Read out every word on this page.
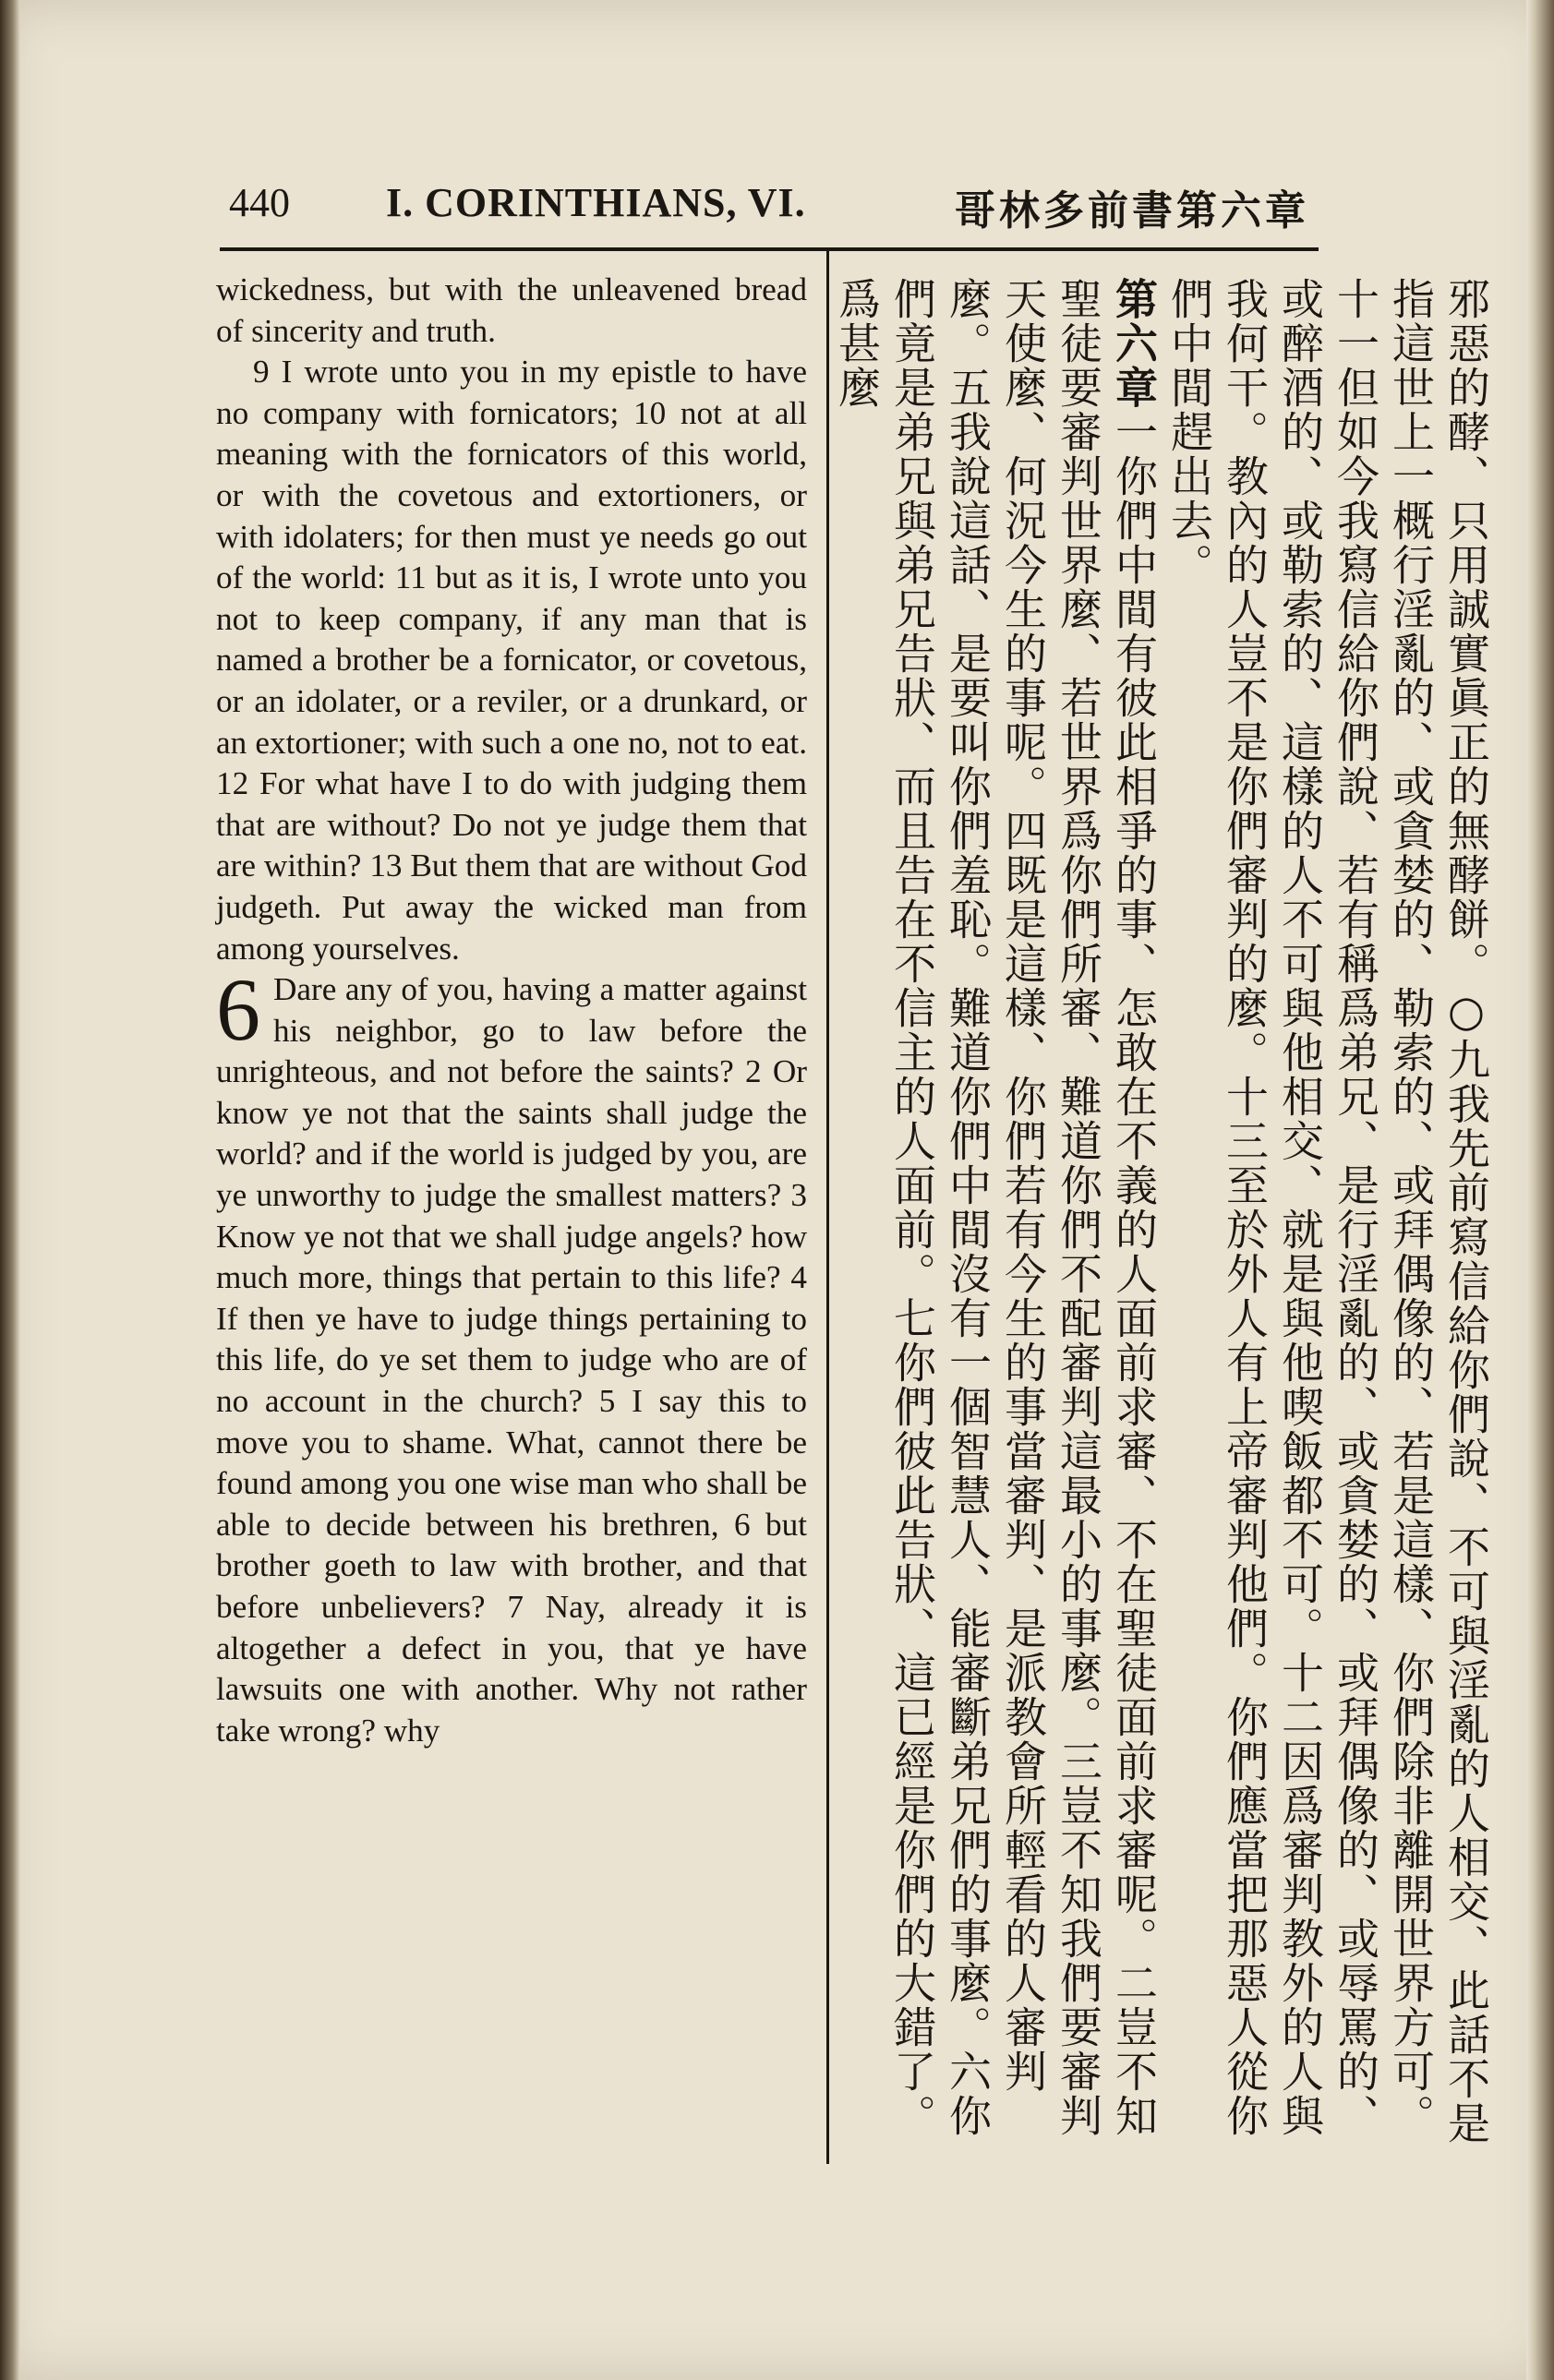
440 I. CORINTHIANS, VI.	哥林多前書第六章

wickedness, but with the unleavened bread of sincerity and truth.

9 I wrote unto you in my epistle to have no company with fornicators; 10 not at all meaning with the fornicators of this world, or with the covetous and extortioners, or with idolaters; for then must ye needs go out of the world: 11 but as it is, I wrote unto you not to keep company, if any man that is named a brother be a fornicator, or covetous, or an idolater, or a reviler, or a drunkard, or an extortioner; with such a one no, not to eat. 12 For what have I to do with judging them that are without? Do not ye judge them that are within? 13 But them that are without God judgeth. Put away the wicked man from among yourselves.

6 Dare any of you, having a matter against his neighbor, go to law before the unrighteous, and not before the saints? 2 Or know ye not that the saints shall judge the world? and if the world is judged by you, are ye unworthy to judge the smallest matters? 3 Know ye not that we shall judge angels? how much more, things that pertain to this life? 4 If then ye have to judge things pertaining to this life, do ye set them to judge who are of no account in the church? 5 I say this to move you to shame. What, cannot there be found among you one wise man who shall be able to decide between his brethren, 6 but brother goeth to law with brother, and that before unbelievers? 7 Nay, already it is altogether a defect in you, that ye have lawsuits one with another. Why not rather take wrong? why	邪惡的酵、只用誠實眞正的無酵餅。○九我先前寫信給你們說、不可與淫亂的人相交、此話不是指這世上一概行淫亂的、或貪婪的、勒索的、或拜偶像的、若是這樣、你們除非離開世界方可。十一但如今我寫信給你們說、若有稱爲弟兄、是行淫亂的、或貪婪的、或拜偶像的、或辱罵的、或醉酒的、或勒索的、這樣的人不可與他相交、就是與他喫飯都不可。十二因爲審判教外的人與我何干。教內的人豈不是你們審判的麼。十三至於外人有上帝審判他們。你們應當把那惡人從你們中間趕出去。

第六章一你們中間有彼此相爭的事、怎敢在不義的人面前求審、不在聖徒面前求審呢。二豈不知聖徒要審判世界麼、若世界爲你們所審、難道你們不配審判這最小的事麼。三豈不知我們要審判天使麼、何況今生的事呢。四既是這樣、你們若有今生的事當審判、是派教會所輕看的人審判麼。五我說這話、是要叫你們羞恥。難道你們中間沒有一個智慧人、能審斷弟兄們的事麼。六你們竟是弟兄與弟兄告狀、而且告在不信主的人面前。七你們彼此告狀、這已經是你們的大錯了。爲甚麼
